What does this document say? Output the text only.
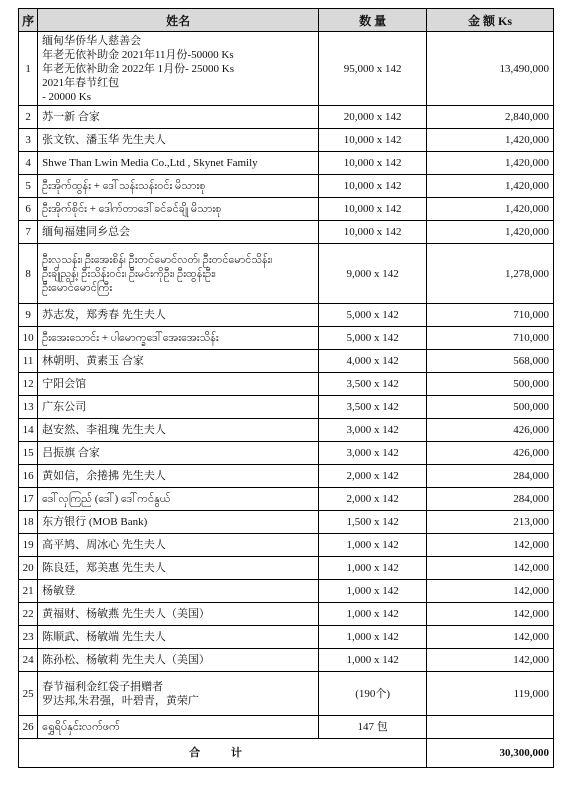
序	姓名	数 量	金 额 Ks
1	缅甸华侨华人慈善会
年老无依补助金 2021年11月份-50000 Ks
年老无依补助金 2022年 1月份- 25000 Ks
2021年春节红包
- 20000 Ks	95,000 x 142	13,490,000
2	苏一新 合家	20,000 x 142	2,840,000
3	张文钦、潘玉华 先生夫人	10,000 x 142	1,420,000
4	Shwe Than Lwin Media Co.,Ltd , Skynet Family	10,000 x 142	1,420,000
5	ဦးအိုက်ထွန်း + ဒေါ်သန်းသန်းဝင်း မိသားစု	10,000 x 142	1,420,000
6	ဦးအိုက်စိုင်း + ဒေါက်တာဒေါ်ခင်ခင်ချို မိသားစု	10,000 x 142	1,420,000
7	缅甸福建同乡总会	10,000 x 142	1,420,000
8	ဦးလှသန်း၊ ဦးအေးစိန်၊ ဦးတင်မောင်လတ်၊ ဦးတင်မောင်သိန်း၊
ဦးချိုညွန့်၊ ဦးသိန်းဝင်း၊ ဦးမင်းကိုဦး၊ ဦးထွန်းဦး၊
ဦးမောင်မောင်ကြီး	9,000 x 142	1,278,000
9	苏志发，郑秀春 先生夫人	5,000 x 142	710,000
10	ဦးအေးသောင်း + ပါမောက္ခဒေါ်အေးအေးသိန်း	5,000 x 142	710,000
11	林朝明、黄素玉 合家	4,000 x 142	568,000
12	宁阳会馆	3,500 x 142	500,000
13	广东公司	3,500 x 142	500,000
14	赵安然、李祖瑰 先生夫人	3,000 x 142	426,000
15	吕振旗 合家	3,000 x 142	426,000
16	黄如信，余捲拂 先生夫人	2,000 x 142	284,000
17	ဒေါ်လှကြည် (ဒေါ်) ဒေါ်ကင်နွယ်	2,000 x 142	284,000
18	东方银行 (MOB Bank)	1,500 x 142	213,000
19	高平鸠、周冰心 先生夫人	1,000 x 142	142,000
20	陈良廷，郑美惠 先生夫人	1,000 x 142	142,000
21	杨敏登	1,000 x 142	142,000
22	黄福财、杨敏燕 先生夫人（美国）	1,000 x 142	142,000
23	陈顺武、杨敏端 先生夫人	1,000 x 142	142,000
24	陈孙松、杨敏莉 先生夫人（美国）	1,000 x 142	142,000
25	春节福利金红袋子捐赠者
罗达邦,朱君强，叶碧青，黄荣广	(190个)	119,000
26	ရွှေရိပ်နှင်းလက်ဖက်	147 包	
合 计			30,300,000
